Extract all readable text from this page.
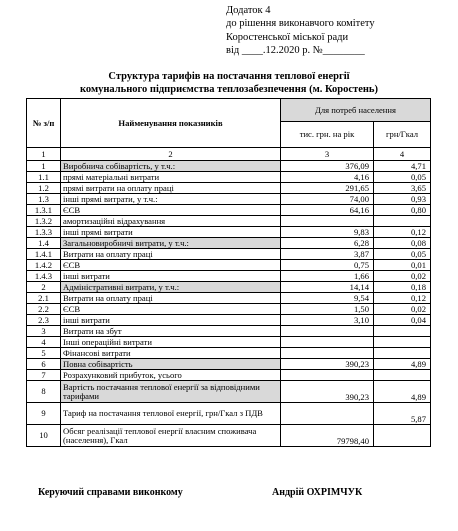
Додаток 4
до рішення виконавчого комітету
Коростенської міської ради
від ____.12.2020 р. №________
Структура тарифів на постачання теплової енергії
комунального підприємства теплозабезпечення (м. Коростень)
№ з/п	Найменування показників	Для потреб населення	
		тис. грн. на рік	грн/Гкал
1	2	3	4
1	Виробнича собівартість, у т.ч.:	376,09	4,71
1.1	прямі матеріальні витрати	4,16	0,05
1.2	прямі витрати на оплату праці	291,65	3,65
1.3	інші прямі витрати, у т.ч.:	74,00	0,93
1.3.1	ЄСВ	64,16	0,80
1.3.2	амортизаційні відрахування		
1.3.3	інші прямі витрати	9,83	0,12
1.4	Загальновиробничі витрати, у т.ч.:	6,28	0,08
1.4.1	Витрати на оплату праці	3,87	0,05
1.4.2	ЄСВ	0,75	0,01
1.4.3	інші витрати	1,66	0,02
2	Адміністративні витрати, у т.ч.:	14,14	0,18
2.1	Витрати на оплату праці	9,54	0,12
2.2	ЄСВ	1,50	0,02
2.3	інші витрати	3,10	0,04
3	Витрати на збут		
4	Інші операційні витрати		
5	Фінансові витрати		
6	Повна собівартість	390,23	4,89
7	Розрахунковий прибуток, усього		
8	Вартість постачання теплової енергії за відповідними тарифами	390,23	4,89
9	Тариф на постачання теплової енергії, грн/Гкал з ПДВ		5,87
10	Обсяг реалізації теплової енергії власним споживача (населення), Гкал	79798,40	
Керуючий справами виконкому	Андрій ОХРІМЧУК
